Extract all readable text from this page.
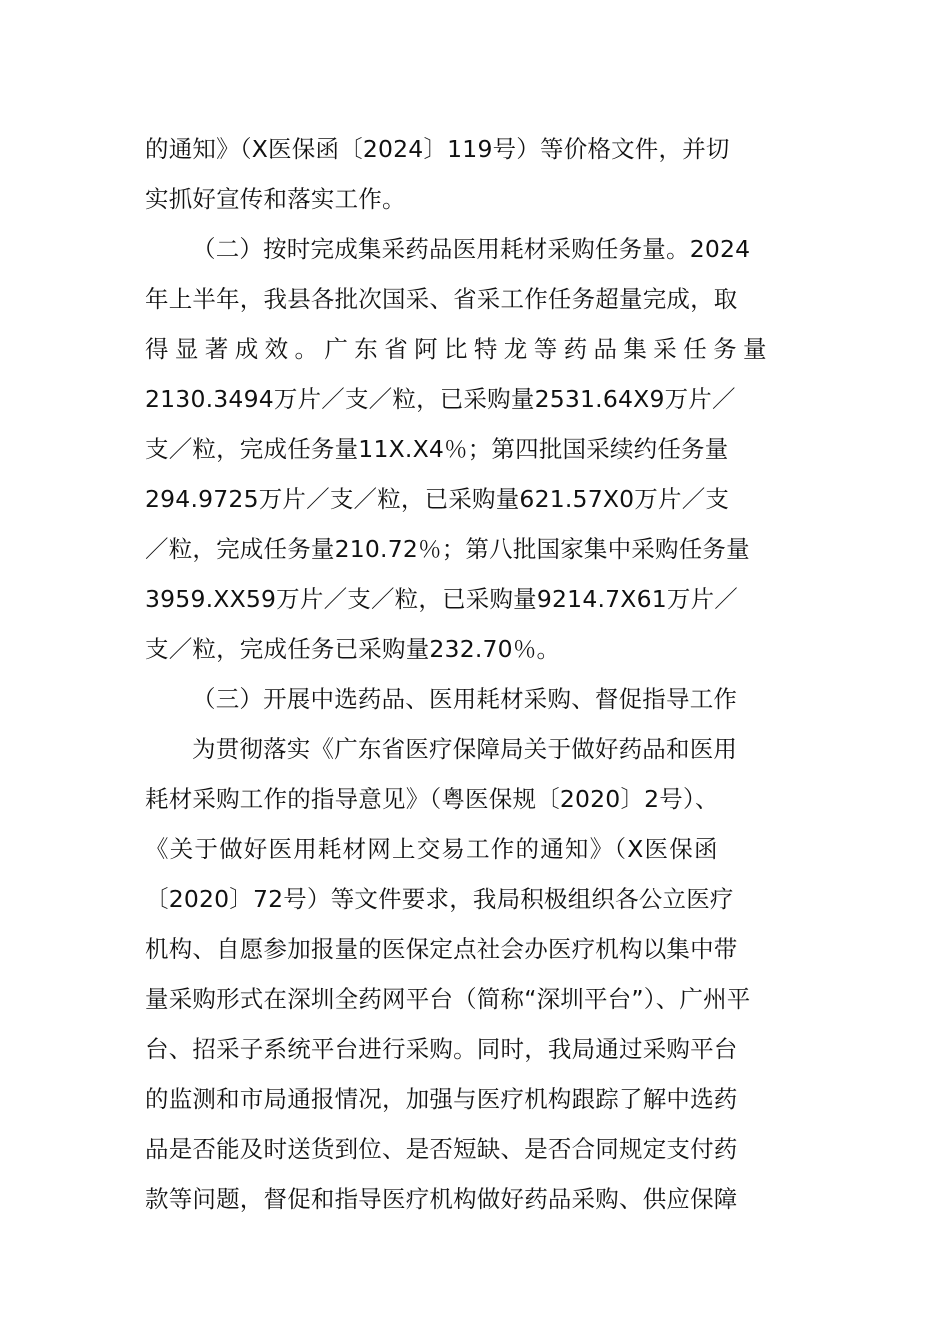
的通知》（X医保函〔2024〕119号）等价格文件，并切
实抓好宣传和落实工作。

（二）按时完成集采药品医用耗材采购任务量。2024
年上半年，我县各批次国采、省采工作任务超量完成，取
得显著成效。广东省阿比特龙等药品集采任务量
2130.3494万片／支／粒，已采购量2531.64X9万片／
支／粒，完成任务量11X.X4％；第四批国采续约任务量
294.9725万片／支／粒，已采购量621.57X0万片／支
／粒，完成任务量210.72％；第八批国家集中采购任务量
3959.XX59万片／支／粒，已采购量9214.7X61万片／
支／粒，完成任务已采购量232.70％。

（三）开展中选药品、医用耗材采购、督促指导工作

为贯彻落实《广东省医疗保障局关于做好药品和医用
耗材采购工作的指导意见》（粤医保规〔2020〕2号）、
《关于做好医用耗材网上交易工作的通知》（X医保函
〔2020〕72号）等文件要求，我局积极组织各公立医疗
机构、自愿参加报量的医保定点社会办医疗机构以集中带
量采购形式在深圳全药网平台（简称“深圳平台”）、广州平
台、招采子系统平台进行采购。同时，我局通过采购平台
的监测和市局通报情况，加强与医疗机构跟踪了解中选药
品是否能及时送货到位、是否短缺、是否合同规定支付药
款等问题，督促和指导医疗机构做好药品采购、供应保障
